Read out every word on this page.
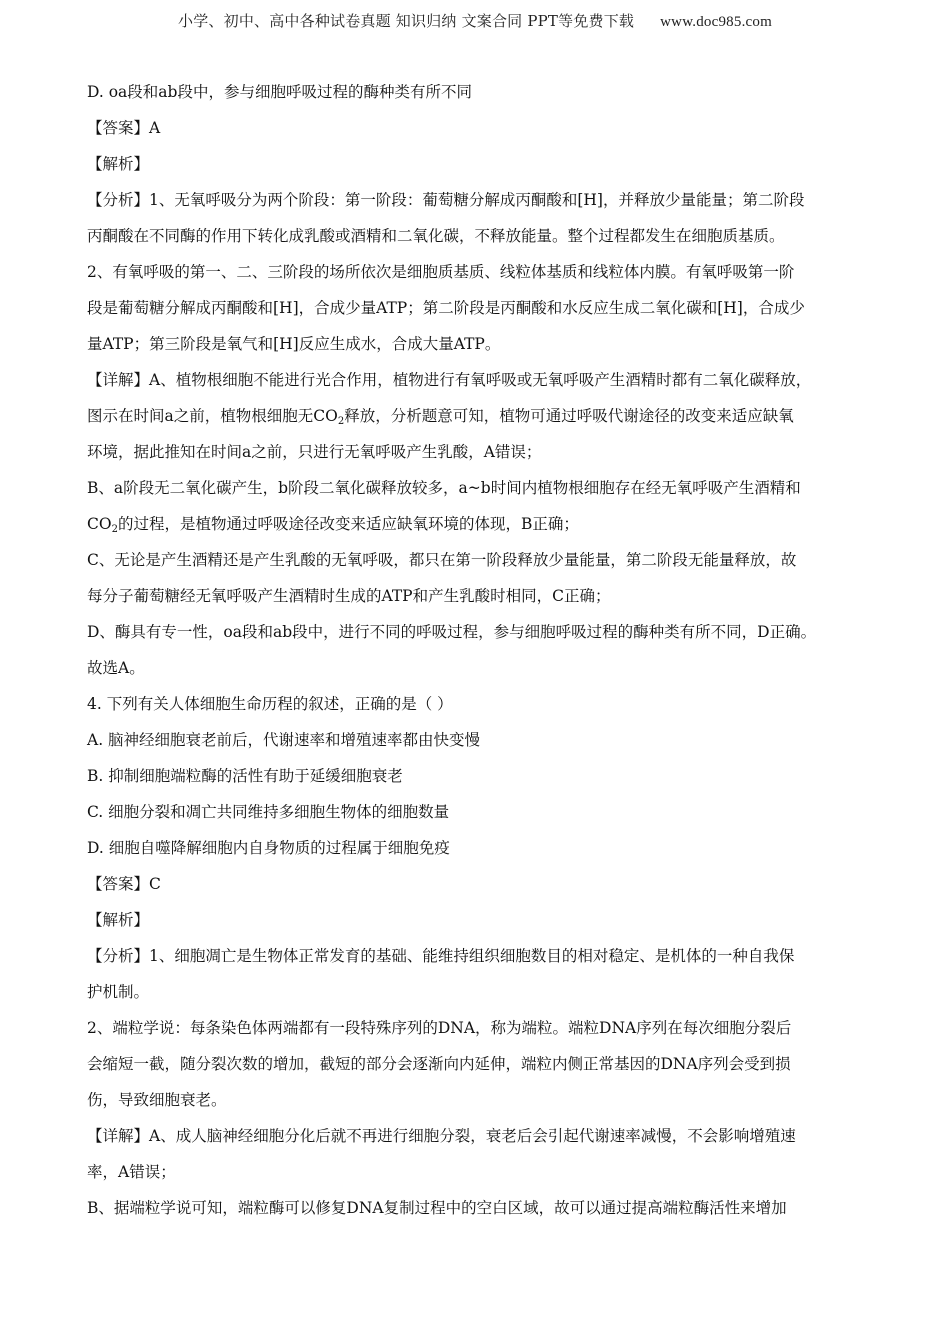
小学、初中、高中各种试卷真题 知识归纳 文案合同 PPT等免费下载 www.doc985.com
D. oa段和ab段中，参与细胞呼吸过程的酶种类有所不同
【答案】A
【解析】
【分析】1、无氧呼吸分为两个阶段：第一阶段：葡萄糖分解成丙酮酸和[H]，并释放少量能量；第二阶段
丙酮酸在不同酶的作用下转化成乳酸或酒精和二氧化碳，不释放能量。整个过程都发生在细胞质基质。
2、有氧呼吸的第一、二、三阶段的场所依次是细胞质基质、线粒体基质和线粒体内膜。有氧呼吸第一阶
段是葡萄糖分解成丙酮酸和[H]，合成少量ATP；第二阶段是丙酮酸和水反应生成二氧化碳和[H]，合成少
量ATP；第三阶段是氧气和[H]反应生成水，合成大量ATP。
【详解】A、植物根细胞不能进行光合作用，植物进行有氧呼吸或无氧呼吸产生酒精时都有二氧化碳释放，
图示在时间a之前，植物根细胞无$CO_2$释放，分析题意可知，植物可通过呼吸代谢途径的改变来适应缺氧
环境，据此推知在时间a之前，只进行无氧呼吸产生乳酸，A错误；
B、a阶段无二氧化碳产生，b阶段二氧化碳释放较多，a~b时间内植物根细胞存在经无氧呼吸产生酒精和
$CO_2$的过程，是植物通过呼吸途径改变来适应缺氧环境的体现，B正确；
C、无论是产生酒精还是产生乳酸的无氧呼吸，都只在第一阶段释放少量能量，第二阶段无能量释放，故
每分子葡萄糖经无氧呼吸产生酒精时生成的ATP和产生乳酸时相同，C正确；
D、酶具有专一性，oa段和ab段中，进行不同的呼吸过程，参与细胞呼吸过程的酶种类有所不同，D正确。
故选A。
4. 下列有关人体细胞生命历程的叙述，正确的是（ ）
A. 脑神经细胞衰老前后，代谢速率和增殖速率都由快变慢
B. 抑制细胞端粒酶的活性有助于延缓细胞衰老
C. 细胞分裂和凋亡共同维持多细胞生物体的细胞数量
D. 细胞自噬降解细胞内自身物质的过程属于细胞免疫
【答案】C
【解析】
【分析】1、细胞凋亡是生物体正常发育的基础、能维持组织细胞数目的相对稳定、是机体的一种自我保
护机制。
2、端粒学说：每条染色体两端都有一段特殊序列的DNA，称为端粒。端粒DNA序列在每次细胞分裂后
会缩短一截，随分裂次数的增加，截短的部分会逐渐向内延伸，端粒内侧正常基因的DNA序列会受到损
伤，导致细胞衰老。
【详解】A、成人脑神经细胞分化后就不再进行细胞分裂，衰老后会引起代谢速率减慢，不会影响增殖速
率，A错误；
B、据端粒学说可知，端粒酶可以修复DNA复制过程中的空白区域，故可以通过提高端粒酶活性来增加
